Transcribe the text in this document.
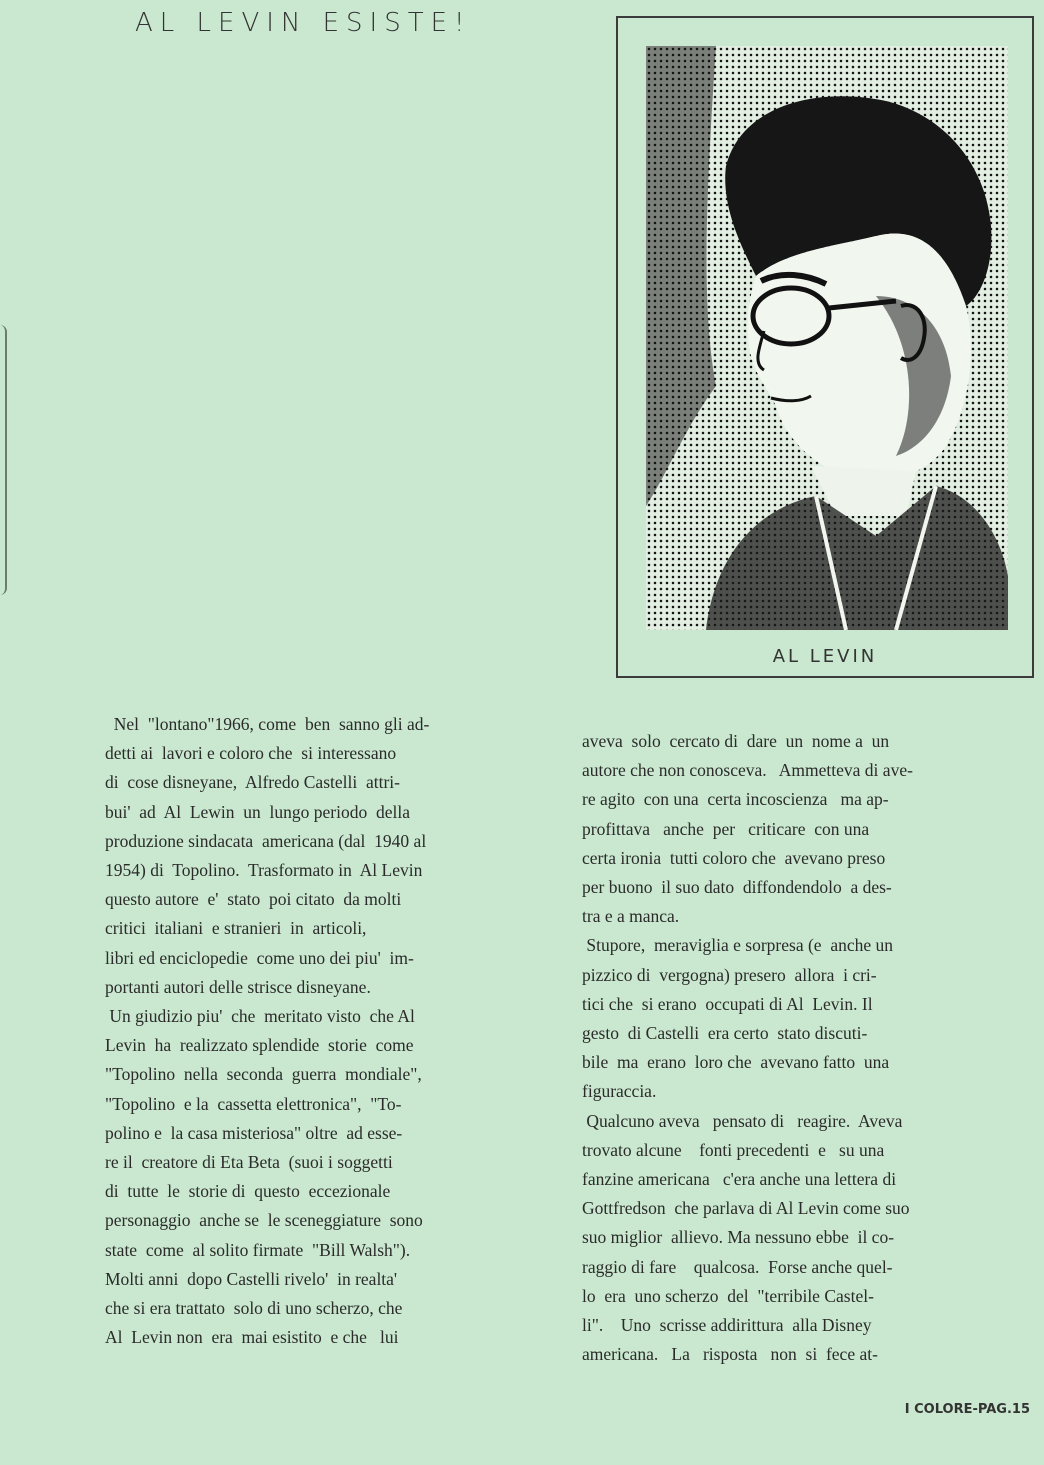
AL LEVIN ESISTE!
AL LEVIN

Nel  "lontano"1966, come  ben  sanno gli ad-

detti ai  lavori e coloro che  si interessano

di  cose disneyane,  Alfredo Castelli  attri-

bui'  ad  Al  Lewin  un  lungo periodo  della

produzione sindacata  americana (dal  1940 al

1954) di  Topolino.  Trasformato in  Al Levin

questo autore  e'  stato  poi citato  da molti

critici  italiani  e stranieri  in  articoli,

libri ed enciclopedie  come uno dei piu'  im-

portanti autori delle strisce disneyane.

Un giudizio piu'  che  meritato visto  che Al

Levin  ha  realizzato splendide  storie  come

"Topolino  nella  seconda  guerra  mondiale",

"Topolino  e la  cassetta elettronica",  "To-

polino e  la casa misteriosa" oltre  ad esse-

re il  creatore di Eta Beta  (suoi i soggetti

di  tutte  le  storie di  questo  eccezionale

personaggio  anche se  le sceneggiature  sono

state  come  al solito firmate  "Bill Walsh").

Molti anni  dopo Castelli rivelo'  in realta'

che si era trattato  solo di uno scherzo, che

Al  Levin non  era  mai esistito  e che   lui

aveva  solo  cercato di  dare  un  nome a  un

autore che non conosceva.   Ammetteva di ave-

re agito  con una  certa incoscienza   ma ap-

profittava   anche  per   criticare  con una

certa ironia  tutti coloro che  avevano preso

per buono  il suo dato  diffondendolo  a des-

tra e a manca.

Stupore,  meraviglia e sorpresa (e  anche un

pizzico di  vergogna) presero  allora  i cri-

tici che  si erano  occupati di Al  Levin. Il

gesto  di Castelli  era certo  stato discuti-

bile  ma  erano  loro che  avevano fatto  una

figuraccia.

Qualcuno aveva   pensato di   reagire.  Aveva

trovato alcune    fonti precedenti  e   su una

fanzine americana   c'era anche una lettera di

Gottfredson  che parlava di Al Levin come suo

suo miglior  allievo. Ma nessuno ebbe  il co-

raggio di fare    qualcosa.  Forse anche quel-

lo  era  uno scherzo  del  "terribile Castel-

li".    Uno  scrisse addirittura  alla Disney

americana.   La   risposta   non  si  fece at-

I COLORE-PAG.15
